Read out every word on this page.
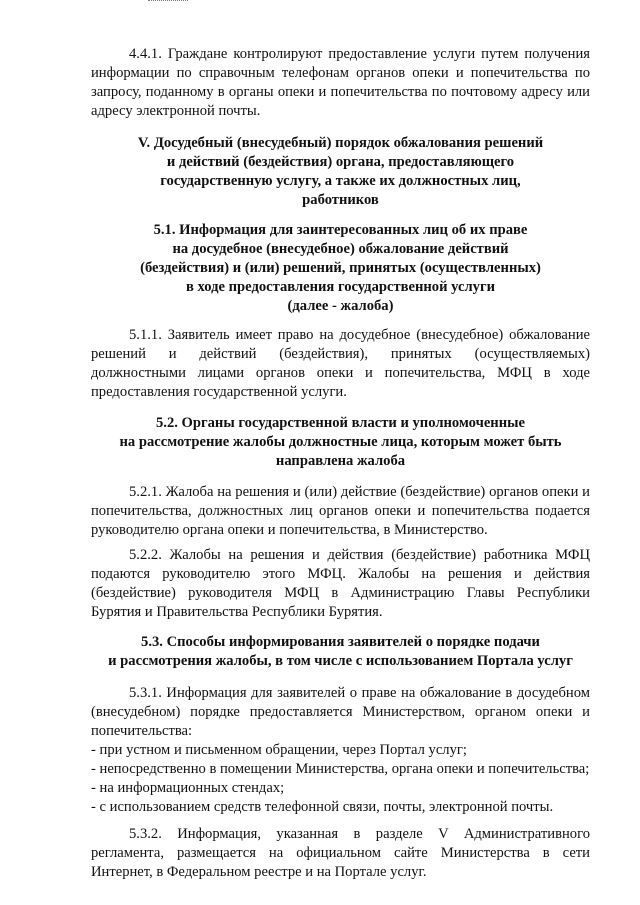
4.4.1. Граждане контролируют предоставление услуги путем получения информации по справочным телефонам органов опеки и попечительства по запросу, поданному в органы опеки и попечительства по почтовому адресу или адресу электронной почты.

V. Досудебный (внесудебный) порядок обжалования решений
и действий (бездействия) органа, предоставляющего
государственную услугу, а также их должностных лиц,
работников
5.1. Информация для заинтересованных лиц об их праве
на досудебное (внесудебное) обжалование действий
(бездействия) и (или) решений, принятых (осуществленных)
в ходе предоставления государственной услуги
(далее - жалоба)

5.1.1. Заявитель имеет право на досудебное (внесудебное) обжалование решений и действий (бездействия), принятых (осуществляемых) должностными лицами органов опеки и попечительства, МФЦ в ходе предоставления государственной услуги.

5.2. Органы государственной власти и уполномоченные
на рассмотрение жалобы должностные лица, которым может быть
направлена жалоба

5.2.1. Жалоба на решения и (или) действие (бездействие) органов опеки и попечительства, должностных лиц органов опеки и попечительства подается руководителю органа опеки и попечительства, в Министерство.

5.2.2. Жалобы на решения и действия (бездействие) работника МФЦ подаются руководителю этого МФЦ. Жалобы на решения и действия (бездействие) руководителя МФЦ в Администрацию Главы Республики Бурятия и Правительства Республики Бурятия.

5.3. Способы информирования заявителей о порядке подачи
и рассмотрения жалобы, в том числе с использованием Портала услуг

5.3.1. Информация для заявителей о праве на обжалование в досудебном (внесудебном) порядке предоставляется Министерством, органом опеки и попечительства:

- при устном и письменном обращении, через Портал услуг;
- непосредственно в помещении Министерства, органа опеки и попечительства;
- на информационных стендах;
- с использованием средств телефонной связи, почты, электронной почты.

5.3.2. Информация, указанная в разделе V Административного регламента, размещается на официальном сайте Министерства в сети Интернет, в Федеральном реестре и на Портале услуг.
